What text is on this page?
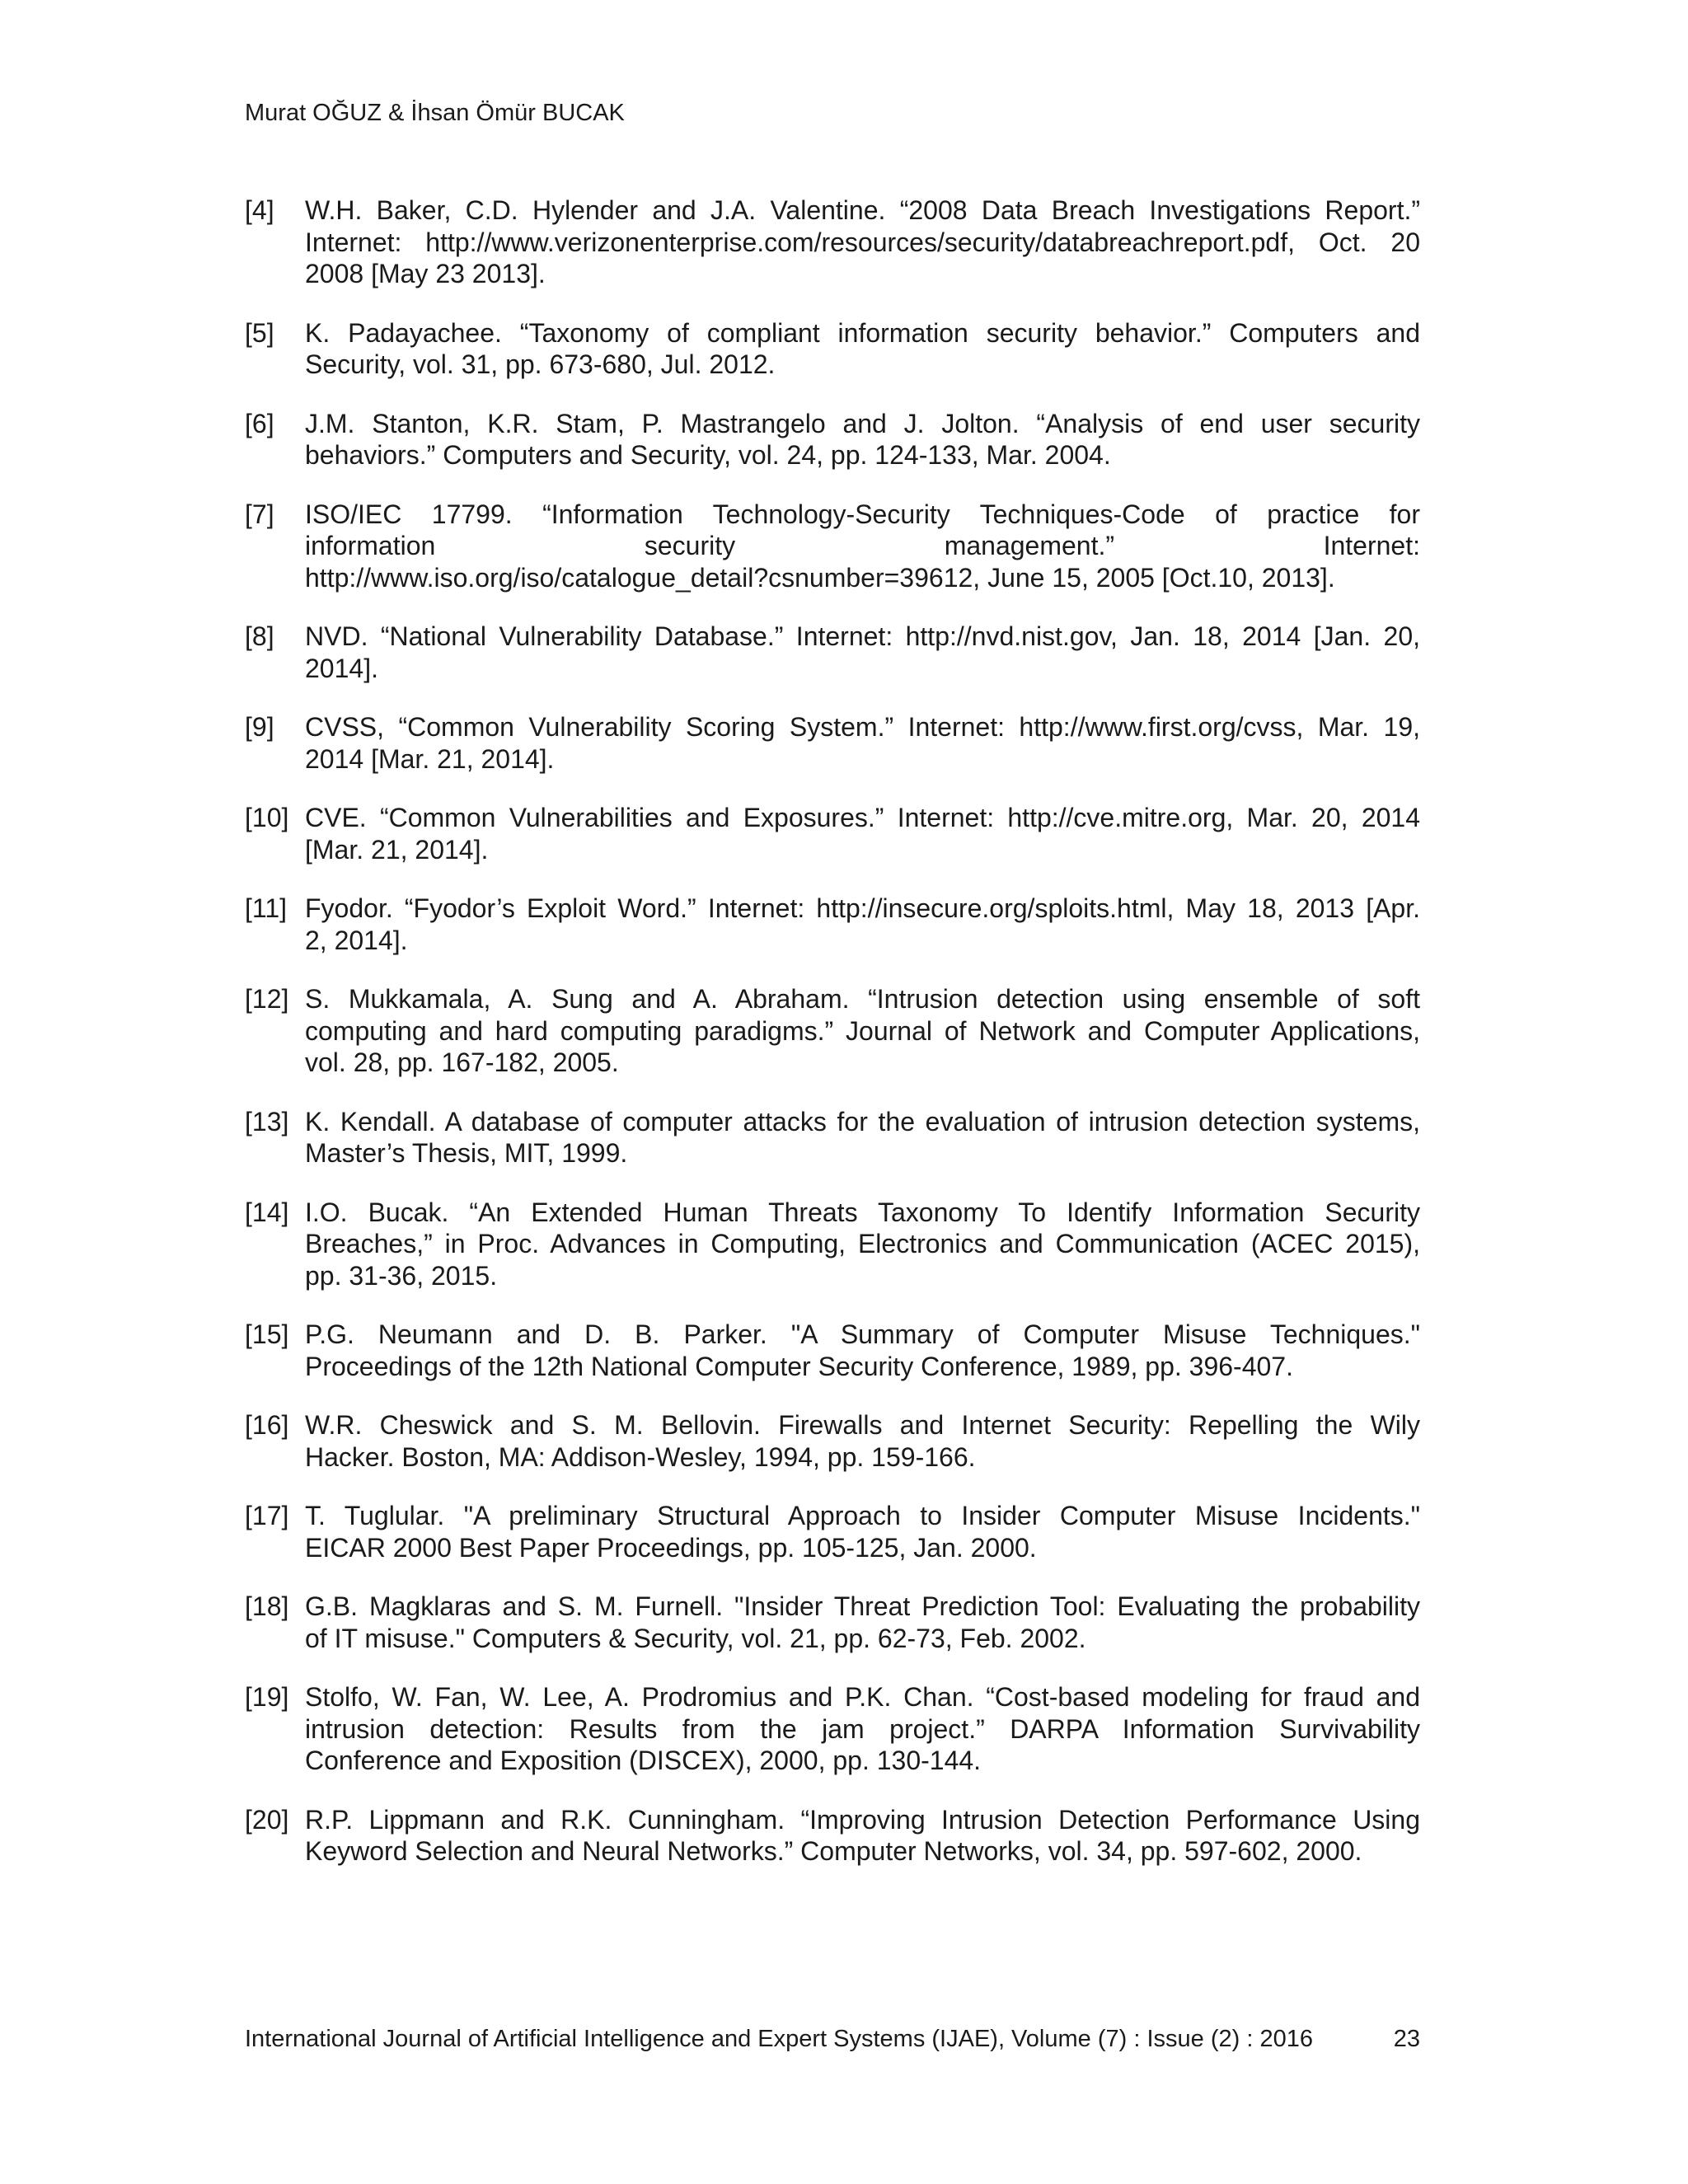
Murat OĞUZ & İhsan Ömür BUCAK
[4]	W.H. Baker, C.D. Hylender and J.A. Valentine. “2008 Data Breach Investigations Report.”
Internet: http://www.verizonenterprise.com/resources/security/databreachreport.pdf, Oct. 20
2008 [May 23 2013].
[5]	K. Padayachee. “Taxonomy of compliant information security behavior.” Computers and
Security, vol. 31, pp. 673-680, Jul. 2012.
[6]	J.M. Stanton, K.R. Stam, P. Mastrangelo and J. Jolton. “Analysis of end user security
behaviors.” Computers and Security, vol. 24, pp. 124-133, Mar. 2004.
[7]	ISO/IEC 17799. “Information Technology-Security Techniques-Code of practice for
information security management.” Internet:
http://www.iso.org/iso/catalogue_detail?csnumber=39612, June 15, 2005 [Oct.10, 2013].
[8]	NVD. “National Vulnerability Database.” Internet: http://nvd.nist.gov, Jan. 18, 2014 [Jan. 20,
2014].
[9]	CVSS, “Common Vulnerability Scoring System.” Internet: http://www.first.org/cvss, Mar. 19,
2014 [Mar. 21, 2014].
[10] CVE. “Common Vulnerabilities and Exposures.” Internet: http://cve.mitre.org, Mar. 20, 2014
[Mar. 21, 2014].
[11] Fyodor. “Fyodor’s Exploit Word.” Internet: http://insecure.org/sploits.html, May 18, 2013 [Apr.
2, 2014].
[12] S. Mukkamala, A. Sung and A. Abraham. “Intrusion detection using ensemble of soft
computing and hard computing paradigms.” Journal of Network and Computer Applications,
vol. 28, pp. 167-182, 2005.
[13] K. Kendall. A database of computer attacks for the evaluation of intrusion detection systems,
Master’s Thesis, MIT, 1999.
[14] I.O. Bucak. “An Extended Human Threats Taxonomy To Identify Information Security
Breaches,” in Proc. Advances in Computing, Electronics and Communication (ACEC 2015),
pp. 31-36, 2015.
[15] P.G. Neumann and D. B. Parker. "A Summary of Computer Misuse Techniques."
Proceedings of the 12th National Computer Security Conference, 1989, pp. 396-407.
[16] W.R. Cheswick and S. M. Bellovin. Firewalls and Internet Security: Repelling the Wily
Hacker. Boston, MA: Addison-Wesley, 1994, pp. 159-166.
[17] T. Tuglular. "A preliminary Structural Approach to Insider Computer Misuse Incidents."
EICAR 2000 Best Paper Proceedings, pp. 105-125, Jan. 2000.
[18] G.B. Magklaras and S. M. Furnell. "Insider Threat Prediction Tool: Evaluating the probability
of IT misuse." Computers & Security, vol. 21, pp. 62-73, Feb. 2002.
[19] Stolfo, W. Fan, W. Lee, A. Prodromius and P.K. Chan. “Cost-based modeling for fraud and
intrusion detection: Results from the jam project.” DARPA Information Survivability
Conference and Exposition (DISCEX), 2000, pp. 130-144.
[20] R.P. Lippmann and R.K. Cunningham. “Improving Intrusion Detection Performance Using
Keyword Selection and Neural Networks.” Computer Networks, vol. 34, pp. 597-602, 2000.
International Journal of Artificial Intelligence and Expert Systems (IJAE), Volume (7) : Issue (2) : 2016	23
